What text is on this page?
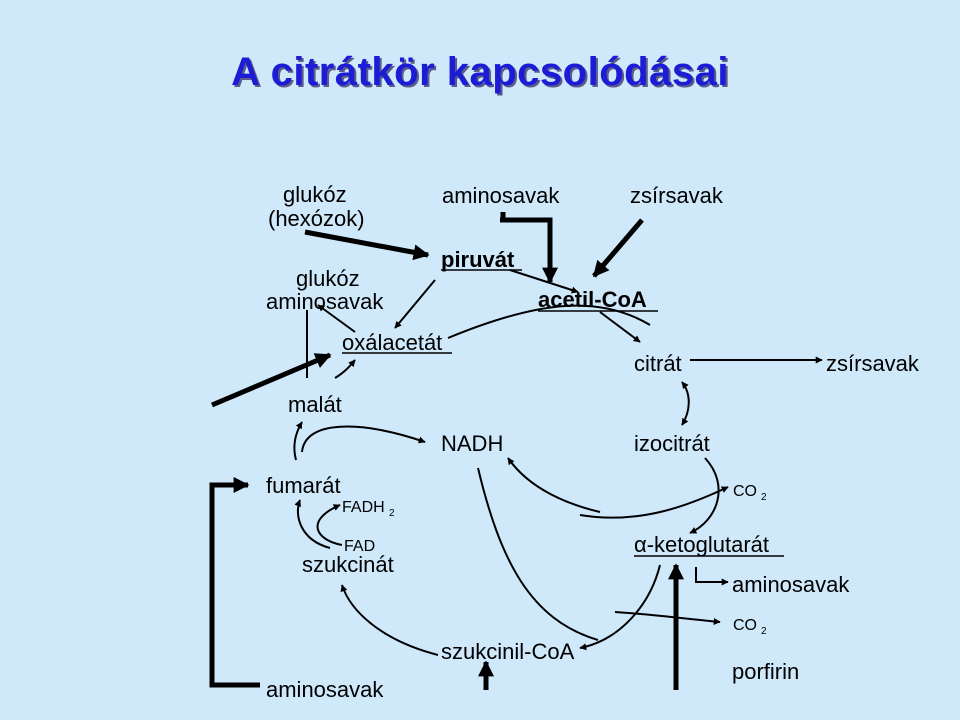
A citrátkör kapcsolódásai
glukóz
(hexózok)
glukóz
aminosavak
aminosavak	zsírsavak
piruvát
acetil-CoA
oxálacetát
citrát	zsírsavak
malát
NADH	izocitrát
fumarát
FADH 2
CO 2
FAD
szukcinát
α-ketoglutarát
aminosavak
CO 2
szukcinil-CoA
porfirin
aminosavak
